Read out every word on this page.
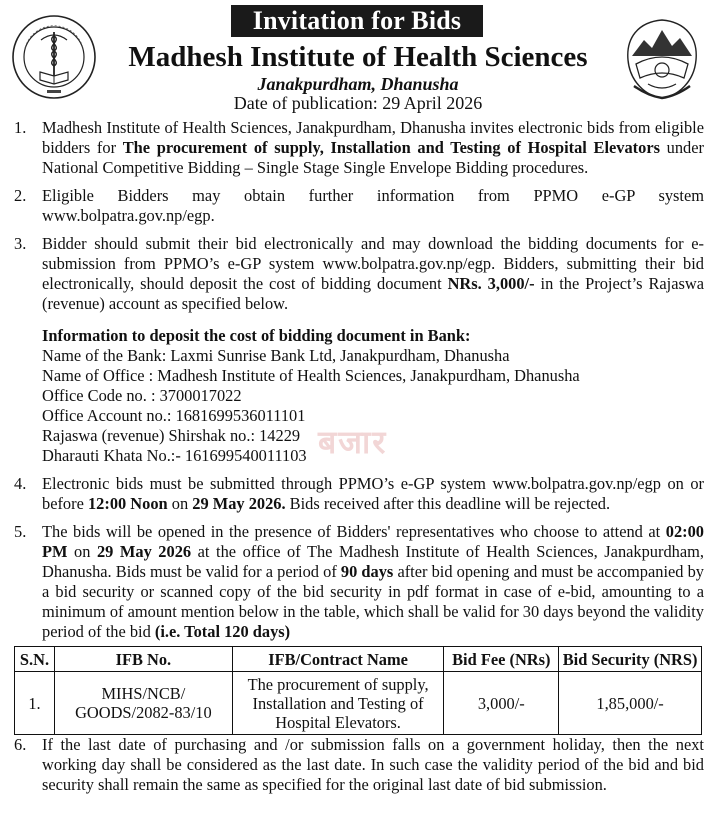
Invitation for Bids
Madhesh Institute of Health Sciences
Janakpurdham, Dhanusha
Date of publication: 29 April 2026
बजार
1. Madhesh Institute of Health Sciences, Janakpurdham, Dhanusha invites electronic bids from eligible bidders for The procurement of supply, Installation and Testing of Hospital Elevators under National Competitive Bidding – Single Stage Single Envelope Bidding procedures.
2. Eligible Bidders may obtain further information from PPMO e-GP system www.bolpatra.gov.np/egp.
3. Bidder should submit their bid electronically and may download the bidding documents for e-submission from PPMO’s e-GP system www.bolpatra.gov.np/egp. Bidders, submitting their bid electronically, should deposit the cost of bidding document NRs. 3,000/- in the Project’s Rajaswa (revenue) account as specified below.
Information to deposit the cost of bidding document in Bank:
Name of the Bank: Laxmi Sunrise Bank Ltd, Janakpurdham, Dhanusha
Name of Office : Madhesh Institute of Health Sciences, Janakpurdham, Dhanusha
Office Code no. : 3700017022
Office Account no.: 1681699536011101
Rajaswa (revenue) Shirshak no.: 14229
Dharauti Khata No.:- 161699540011103
4. Electronic bids must be submitted through PPMO’s e-GP system www.bolpatra.gov.np/egp on or before 12:00 Noon on 29 May 2026. Bids received after this deadline will be rejected.
5. The bids will be opened in the presence of Bidders' representatives who choose to attend at 02:00 PM on 29 May 2026 at the office of The Madhesh Institute of Health Sciences, Janakpurdham, Dhanusha. Bids must be valid for a period of 90 days after bid opening and must be accompanied by a bid security or scanned copy of the bid security in pdf format in case of e-bid, amounting to a minimum of amount mention below in the table, which shall be valid for 30 days beyond the validity period of the bid (i.e. Total 120 days)
S.N.	IFB No.	IFB/Contract Name	Bid Fee (NRs)	Bid Security (NRS)
1.	MIHS/NCB/ GOODS/2082-83/10	The procurement of supply, Installation and Testing of Hospital Elevators.	3,000/-	1,85,000/-
6. If the last date of purchasing and /or submission falls on a government holiday, then the next working day shall be considered as the last date. In such case the validity period of the bid and bid security shall remain the same as specified for the original last date of bid submission.
